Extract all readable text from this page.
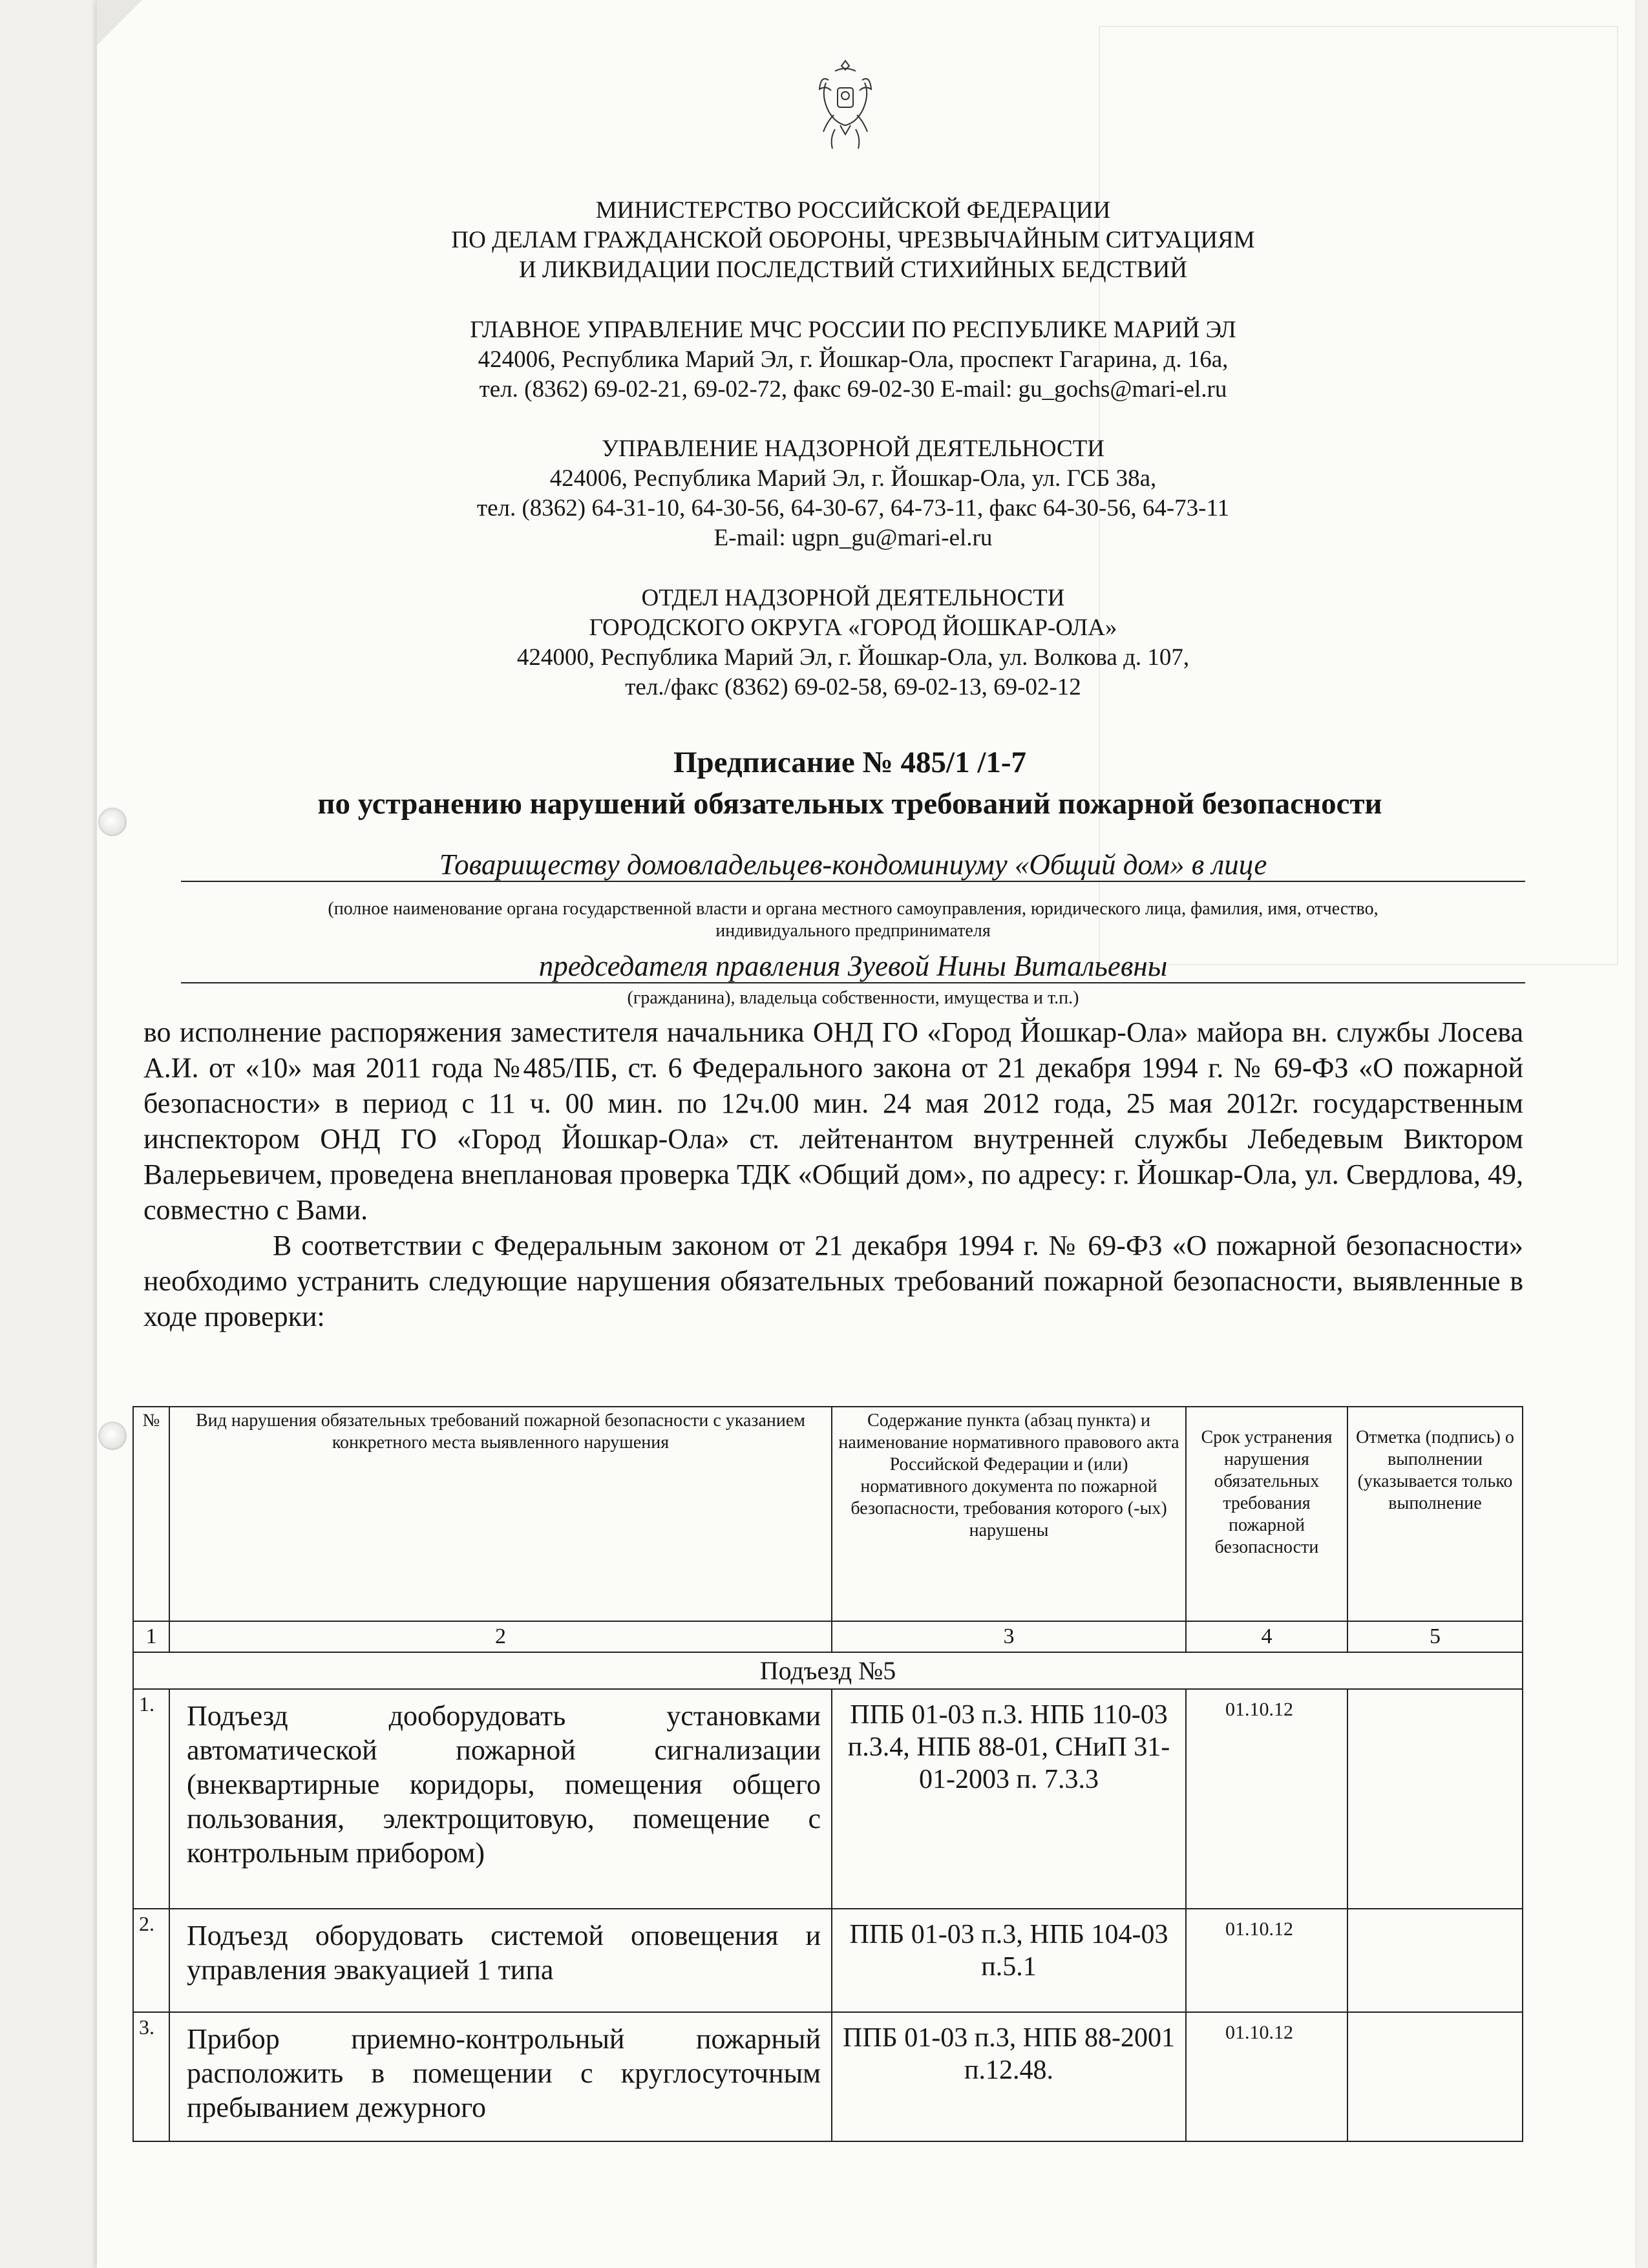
МИНИСТЕРСТВО РОССИЙСКОЙ ФЕДЕРАЦИИ
ПО ДЕЛАМ ГРАЖДАНСКОЙ ОБОРОНЫ, ЧРЕЗВЫЧАЙНЫМ СИТУАЦИЯМ
И ЛИКВИДАЦИИ ПОСЛЕДСТВИЙ СТИХИЙНЫХ БЕДСТВИЙ
ГЛАВНОЕ УПРАВЛЕНИЕ МЧС РОССИИ ПО РЕСПУБЛИКЕ МАРИЙ ЭЛ
424006, Республика Марий Эл, г. Йошкар-Ола, проспект Гагарина, д. 16а,
тел. (8362) 69-02-21, 69-02-72, факс 69-02-30 E-mail: gu_gochs@mari-el.ru
УПРАВЛЕНИЕ НАДЗОРНОЙ ДЕЯТЕЛЬНОСТИ
424006, Республика Марий Эл, г. Йошкар-Ола, ул. ГСБ 38а,
тел. (8362) 64-31-10, 64-30-56, 64-30-67, 64-73-11, факс 64-30-56, 64-73-11
E-mail: ugpn_gu@mari-el.ru
ОТДЕЛ НАДЗОРНОЙ ДЕЯТЕЛЬНОСТИ
ГОРОДСКОГО ОКРУГА «ГОРОД ЙОШКАР-ОЛА»
424000, Республика Марий Эл, г. Йошкар-Ола, ул. Волкова д. 107,
тел./факс (8362) 69-02-58, 69-02-13, 69-02-12
Предписание № 485/1 /1-7
по устранению нарушений обязательных требований пожарной безопасности
Товариществу домовладельцев-кондоминиуму «Общий дом» в лице
(полное наименование органа государственной власти и органа местного самоуправления, юридического лица, фамилия, имя, отчество,
индивидуального предпринимателя
председателя правления Зуевой Нины Витальевны
(гражданина), владельца собственности, имущества и т.п.)

во исполнение распоряжения заместителя начальника ОНД ГО «Город Йошкар-Ола» майора вн. службы Лосева А.И. от «10» мая 2011 года №485/ПБ, ст. 6 Федерального закона от 21 декабря 1994 г. № 69-ФЗ «О пожарной безопасности» в период с 11 ч. 00 мин. по 12ч.00 мин. 24 мая 2012 года, 25 мая 2012г. государственным инспектором ОНД ГО «Город Йошкар-Ола» ст. лейтенантом внутренней службы Лебедевым Виктором Валерьевичем, проведена внеплановая проверка ТДК «Общий дом», по адресу: г. Йошкар-Ола, ул. Свердлова, 49, совместно с Вами.

В соответствии с Федеральным законом от 21 декабря 1994 г. № 69-ФЗ «О пожарной безопасности» необходимо устранить следующие нарушения обязательных требований пожарной безопасности, выявленные в ходе проверки:

№	Вид нарушения обязательных требований пожарной безопасности с указанием конкретного места выявленного нарушения	Содержание пункта (абзац пункта) и наименование нормативного правового акта Российской Федерации и (или) нормативного документа по пожарной безопасности, требования которого (-ых) нарушены	Срок устранения нарушения обязательных требования пожарной безопасности	Отметка (подпись) о выполнении (указывается только выполнение
1	2	3	4	5
Подъезд №5				
1.	Подъезд дооборудовать установками автоматической пожарной сигнализации (внеквартирные коридоры, помещения общего пользования, электрощитовую, помещение с контрольным прибором)	ППБ 01-03 п.3. НПБ 110-03 п.3.4, НПБ 88-01, СНиП 31-01-2003 п. 7.3.3	01.10.12	
2.	Подъезд оборудовать системой оповещения и управления эвакуацией 1 типа	ППБ 01-03 п.3, НПБ 104-03 п.5.1	01.10.12	
3.	Прибор приемно-контрольный пожарный расположить в помещении с круглосуточным пребыванием дежурного	ППБ 01-03 п.3, НПБ 88-2001 п.12.48.	01.10.12	
